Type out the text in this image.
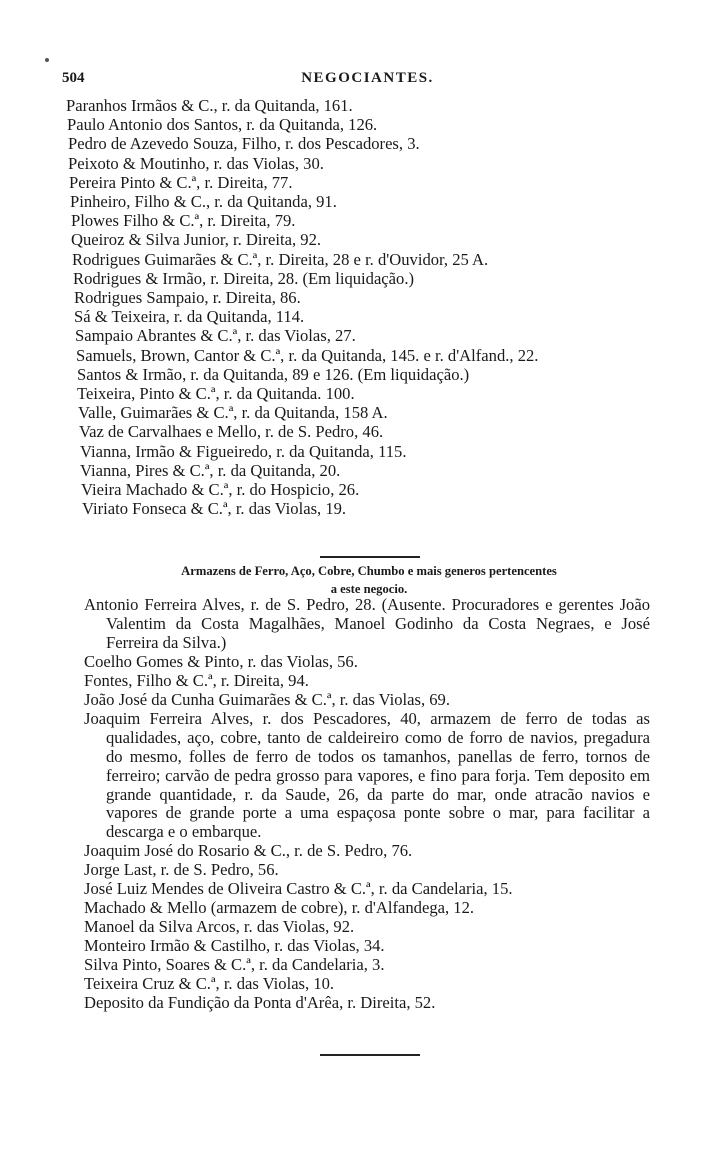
504	NEGOCIANTES.
Paranhos Irmãos & C., r. da Quitanda, 161.
Paulo Antonio dos Santos, r. da Quitanda, 126.
Pedro de Azevedo Souza, Filho, r. dos Pescadores, 3.
Peixoto & Moutinho, r. das Violas, 30.
Pereira Pinto & C.ª, r. Direita, 77.
Pinheiro, Filho & C., r. da Quitanda, 91.
Plowes Filho & C.ª, r. Direita, 79.
Queiroz & Silva Junior, r. Direita, 92.
Rodrigues Guimarães & C.ª, r. Direita, 28 e r. d'Ouvidor, 25 A.
Rodrigues & Irmão, r. Direita, 28. (Em liquidação.)
Rodrigues Sampaio, r. Direita, 86.
Sá & Teixeira, r. da Quitanda, 114.
Sampaio Abrantes & C.ª, r. das Violas, 27.
Samuels, Brown, Cantor & C.ª, r. da Quitanda, 145. e r. d'Alfand., 22.
Santos & Irmão, r. da Quitanda, 89 e 126. (Em liquidação.)
Teixeira, Pinto & C.ª, r. da Quitanda. 100.
Valle, Guimarães & C.ª, r. da Quitanda, 158 A.
Vaz de Carvalhaes e Mello, r. de S. Pedro, 46.
Vianna, Irmão & Figueiredo, r. da Quitanda, 115.
Vianna, Pires & C.ª, r. da Quitanda, 20.
Vieira Machado & C.ª, r. do Hospicio, 26.
Viriato Fonseca & C.ª, r. das Violas, 19.
Armazens de Ferro, Aço, Cobre, Chumbo e mais generos pertencentes
a este negocio.
Antonio Ferreira Alves, r. de S. Pedro, 28. (Ausente. Procuradores e gerentes João Valentim da Costa Magalhães, Manoel Godinho da Costa Negraes, e José Ferreira da Silva.)
Coelho Gomes & Pinto, r. das Violas, 56.
Fontes, Filho & C.ª, r. Direita, 94.
João José da Cunha Guimarães & C.ª, r. das Violas, 69.
Joaquim Ferreira Alves, r. dos Pescadores, 40, armazem de ferro de todas as qualidades, aço, cobre, tanto de caldeireiro como de forro de navios, pregadura do mesmo, folles de ferro de todos os tamanhos, panellas de ferro, tornos de ferreiro; carvão de pedra grosso para vapores, e fino para forja. Tem deposito em grande quantidade, r. da Saude, 26, da parte do mar, onde atracão navios e vapores de grande porte a uma espaçosa ponte sobre o mar, para facilitar a descarga e o embarque.
Joaquim José do Rosario & C., r. de S. Pedro, 76.
Jorge Last, r. de S. Pedro, 56.
José Luiz Mendes de Oliveira Castro & C.ª, r. da Candelaria, 15.
Machado & Mello (armazem de cobre), r. d'Alfandega, 12.
Manoel da Silva Arcos, r. das Violas, 92.
Monteiro Irmão & Castilho, r. das Violas, 34.
Silva Pinto, Soares & C.ª, r. da Candelaria, 3.
Teixeira Cruz & C.ª, r. das Violas, 10.
Deposito da Fundição da Ponta d'Arêa, r. Direita, 52.
